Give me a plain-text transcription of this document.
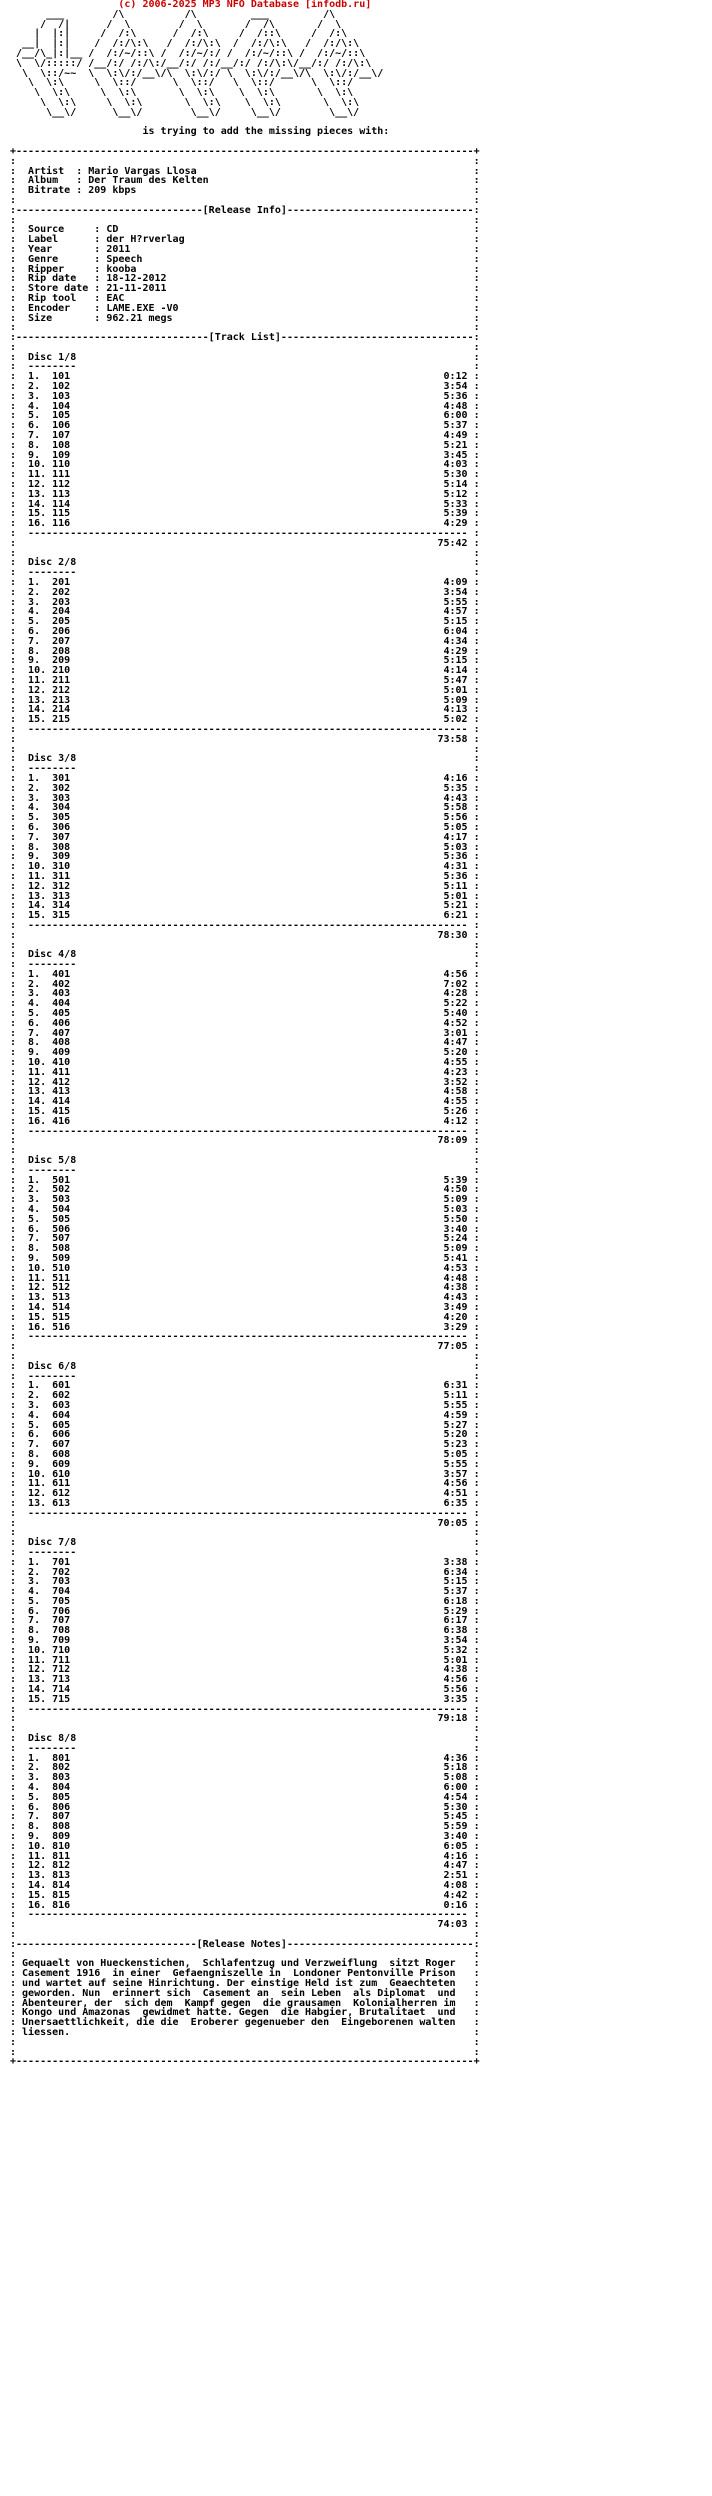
(c) 2006-2025 MP3 NFO Database [infodb.ru]
___        /\          /\         ___         /\
/  /|      /  \        /  \       /  /\       /  \
|  |:|     /  /:\      /  /:\     /  /::\     /  /:\
__|  |:|    /  /:/\:\   /  /:/\:\  /  /:/\:\   /  /:/\:\
/__/\_|:|__ /  /:/~/::\ /  /:/~/:/ /  /:/~/::\ /  /:/~/::\
\  \/:::::/ /__/:/ /:/\:/__/:/ /:/__/:/ /:/\:\/__/:/ /:/\:\
\  \::/~~  \  \:\/:/__\/\  \:\/:/ \  \:\/:/__\/\  \:\/:/__\/
\  \:\     \  \::/      \  \::/   \  \::/      \  \::/
\  \:\     \  \:\       \  \:\    \  \:\       \  \:\
\  \:\     \  \:\       \  \:\    \  \:\       \  \:\
\__\/      \__\/        \__\/     \__\/        \__\/
is trying to add the missing pieces with:
+----------------------------------------------------------------------------+
:                                                                            :
:  Artist  : Mario Vargas Llosa                                              :
:  Album   : Der Traum des Kelten                                            :
:  Bitrate : 209 kbps                                                        :
:                                                                            :
:-------------------------------[Release Info]-------------------------------:
:                                                                            :
:  Source     : CD                                                           :
:  Label      : der H?rverlag                                                :
:  Year       : 2011                                                         :
:  Genre      : Speech                                                       :
:  Ripper     : kooba                                                        :
:  Rip date   : 18-12-2012                                                   :
:  Store date : 21-11-2011                                                   :
:  Rip tool   : EAC                                                          :
:  Encoder    : LAME.EXE -V0                                                 :
:  Size       : 962.21 megs                                                  :
:                                                                            :
:--------------------------------[Track List]--------------------------------:
:                                                                            :
:  Disc 1/8                                                                  :
:  --------                                                                  :
:  1.  101                                                              0:12 :
:  2.  102                                                              3:54 :
:  3.  103                                                              5:36 :
:  4.  104                                                              4:48 :
:  5.  105                                                              6:00 :
:  6.  106                                                              5:37 :
:  7.  107                                                              4:49 :
:  8.  108                                                              5:21 :
:  9.  109                                                              3:45 :
:  10. 110                                                              4:03 :
:  11. 111                                                              5:30 :
:  12. 112                                                              5:14 :
:  13. 113                                                              5:12 :
:  14. 114                                                              5:33 :
:  15. 115                                                              5:39 :
:  16. 116                                                              4:29 :
:  ------------------------------------------------------------------------- :
:                                                                      75:42 :
:                                                                            :
:  Disc 2/8                                                                  :
:  --------                                                                  :
:  1.  201                                                              4:09 :
:  2.  202                                                              3:54 :
:  3.  203                                                              5:55 :
:  4.  204                                                              4:57 :
:  5.  205                                                              5:15 :
:  6.  206                                                              6:04 :
:  7.  207                                                              4:34 :
:  8.  208                                                              4:29 :
:  9.  209                                                              5:15 :
:  10. 210                                                              4:14 :
:  11. 211                                                              5:47 :
:  12. 212                                                              5:01 :
:  13. 213                                                              5:09 :
:  14. 214                                                              4:13 :
:  15. 215                                                              5:02 :
:  ------------------------------------------------------------------------- :
:                                                                      73:58 :
:                                                                            :
:  Disc 3/8                                                                  :
:  --------                                                                  :
:  1.  301                                                              4:16 :
:  2.  302                                                              5:35 :
:  3.  303                                                              4:43 :
:  4.  304                                                              5:58 :
:  5.  305                                                              5:56 :
:  6.  306                                                              5:05 :
:  7.  307                                                              4:17 :
:  8.  308                                                              5:03 :
:  9.  309                                                              5:36 :
:  10. 310                                                              4:31 :
:  11. 311                                                              5:36 :
:  12. 312                                                              5:11 :
:  13. 313                                                              5:01 :
:  14. 314                                                              5:21 :
:  15. 315                                                              6:21 :
:  ------------------------------------------------------------------------- :
:                                                                      78:30 :
:                                                                            :
:  Disc 4/8                                                                  :
:  --------                                                                  :
:  1.  401                                                              4:56 :
:  2.  402                                                              7:02 :
:  3.  403                                                              4:28 :
:  4.  404                                                              5:22 :
:  5.  405                                                              5:40 :
:  6.  406                                                              4:52 :
:  7.  407                                                              3:01 :
:  8.  408                                                              4:47 :
:  9.  409                                                              5:20 :
:  10. 410                                                              4:55 :
:  11. 411                                                              4:23 :
:  12. 412                                                              3:52 :
:  13. 413                                                              4:58 :
:  14. 414                                                              4:55 :
:  15. 415                                                              5:26 :
:  16. 416                                                              4:12 :
:  ------------------------------------------------------------------------- :
:                                                                      78:09 :
:                                                                            :
:  Disc 5/8                                                                  :
:  --------                                                                  :
:  1.  501                                                              5:39 :
:  2.  502                                                              4:50 :
:  3.  503                                                              5:09 :
:  4.  504                                                              5:03 :
:  5.  505                                                              5:50 :
:  6.  506                                                              3:40 :
:  7.  507                                                              5:24 :
:  8.  508                                                              5:09 :
:  9.  509                                                              5:41 :
:  10. 510                                                              4:53 :
:  11. 511                                                              4:48 :
:  12. 512                                                              4:38 :
:  13. 513                                                              4:43 :
:  14. 514                                                              3:49 :
:  15. 515                                                              4:20 :
:  16. 516                                                              3:29 :
:  ------------------------------------------------------------------------- :
:                                                                      77:05 :
:                                                                            :
:  Disc 6/8                                                                  :
:  --------                                                                  :
:  1.  601                                                              6:31 :
:  2.  602                                                              5:11 :
:  3.  603                                                              5:55 :
:  4.  604                                                              4:59 :
:  5.  605                                                              5:27 :
:  6.  606                                                              5:20 :
:  7.  607                                                              5:23 :
:  8.  608                                                              5:05 :
:  9.  609                                                              5:55 :
:  10. 610                                                              3:57 :
:  11. 611                                                              4:56 :
:  12. 612                                                              4:51 :
:  13. 613                                                              6:35 :
:  ------------------------------------------------------------------------- :
:                                                                      70:05 :
:                                                                            :
:  Disc 7/8                                                                  :
:  --------                                                                  :
:  1.  701                                                              3:38 :
:  2.  702                                                              6:34 :
:  3.  703                                                              5:15 :
:  4.  704                                                              5:37 :
:  5.  705                                                              6:18 :
:  6.  706                                                              5:29 :
:  7.  707                                                              6:17 :
:  8.  708                                                              6:38 :
:  9.  709                                                              3:54 :
:  10. 710                                                              5:32 :
:  11. 711                                                              5:01 :
:  12. 712                                                              4:38 :
:  13. 713                                                              4:56 :
:  14. 714                                                              5:56 :
:  15. 715                                                              3:35 :
:  ------------------------------------------------------------------------- :
:                                                                      79:18 :
:                                                                            :
:  Disc 8/8                                                                  :
:  --------                                                                  :
:  1.  801                                                              4:36 :
:  2.  802                                                              5:18 :
:  3.  803                                                              5:08 :
:  4.  804                                                              6:00 :
:  5.  805                                                              4:54 :
:  6.  806                                                              5:30 :
:  7.  807                                                              5:45 :
:  8.  808                                                              5:59 :
:  9.  809                                                              3:40 :
:  10. 810                                                              6:05 :
:  11. 811                                                              4:16 :
:  12. 812                                                              4:47 :
:  13. 813                                                              2:51 :
:  14. 814                                                              4:08 :
:  15. 815                                                              4:42 :
:  16. 816                                                              0:16 :
:  ------------------------------------------------------------------------- :
:                                                                      74:03 :
:                                                                            :
:------------------------------[Release Notes]-------------------------------:
:                                                                            :
: Gequaelt von Hueckenstichen,  Schlafentzug und Verzweiflung  sitzt Roger   :
: Casement 1916  in einer  Gefaengniszelle in  Londoner Pentonville Prison   :
: und wartet auf seine Hinrichtung. Der einstige Held ist zum  Geaechteten   :
: geworden. Nun  erinnert sich  Casement an  sein Leben  als Diplomat  und   :
: Abenteurer, der  sich dem  Kampf gegen  die grausamen  Kolonialherren im   :
: Kongo und Amazonas  gewidmet hatte. Gegen  die Habgier, Brutalitaet  und   :
: Unersaettlichkeit, die die  Eroberer gegenueber den  Eingeborenen walten   :
: liessen.                                                                   :
:                                                                            :
:                                                                            :
+----------------------------------------------------------------------------+
